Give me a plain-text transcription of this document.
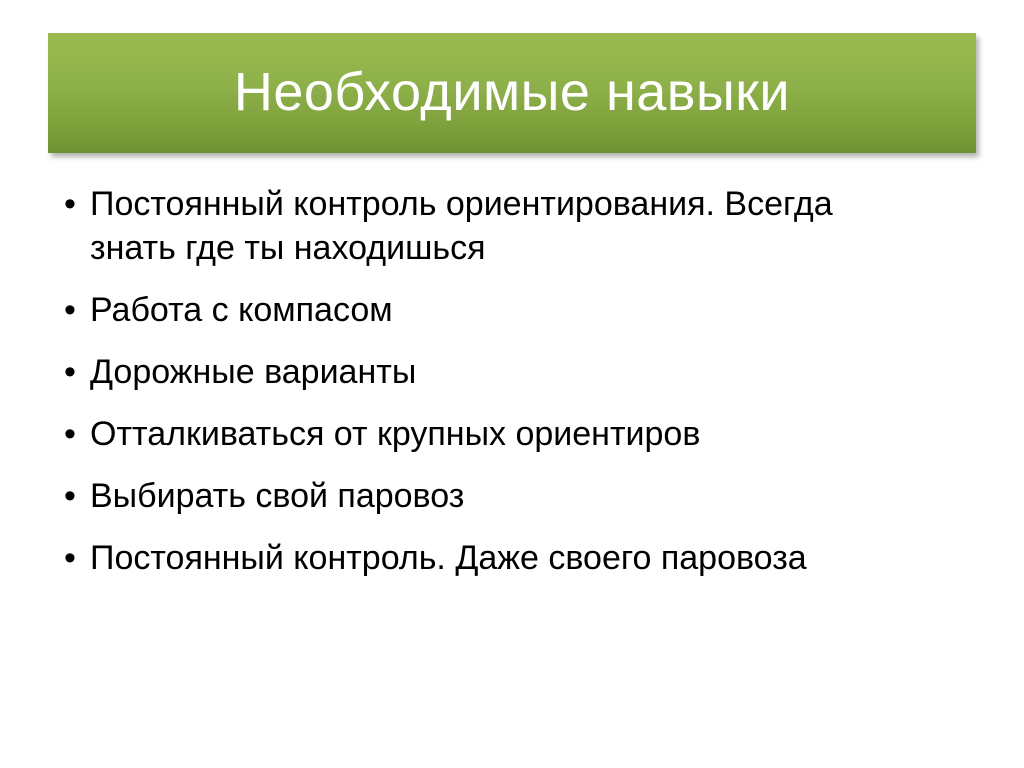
Необходимые навыки
• Постоянный контроль ориентирования. Всегда знать где ты находишься
• Работа с компасом
• Дорожные варианты
• Отталкиваться от крупных ориентиров
• Выбирать свой паровоз
• Постоянный контроль. Даже своего паровоза
